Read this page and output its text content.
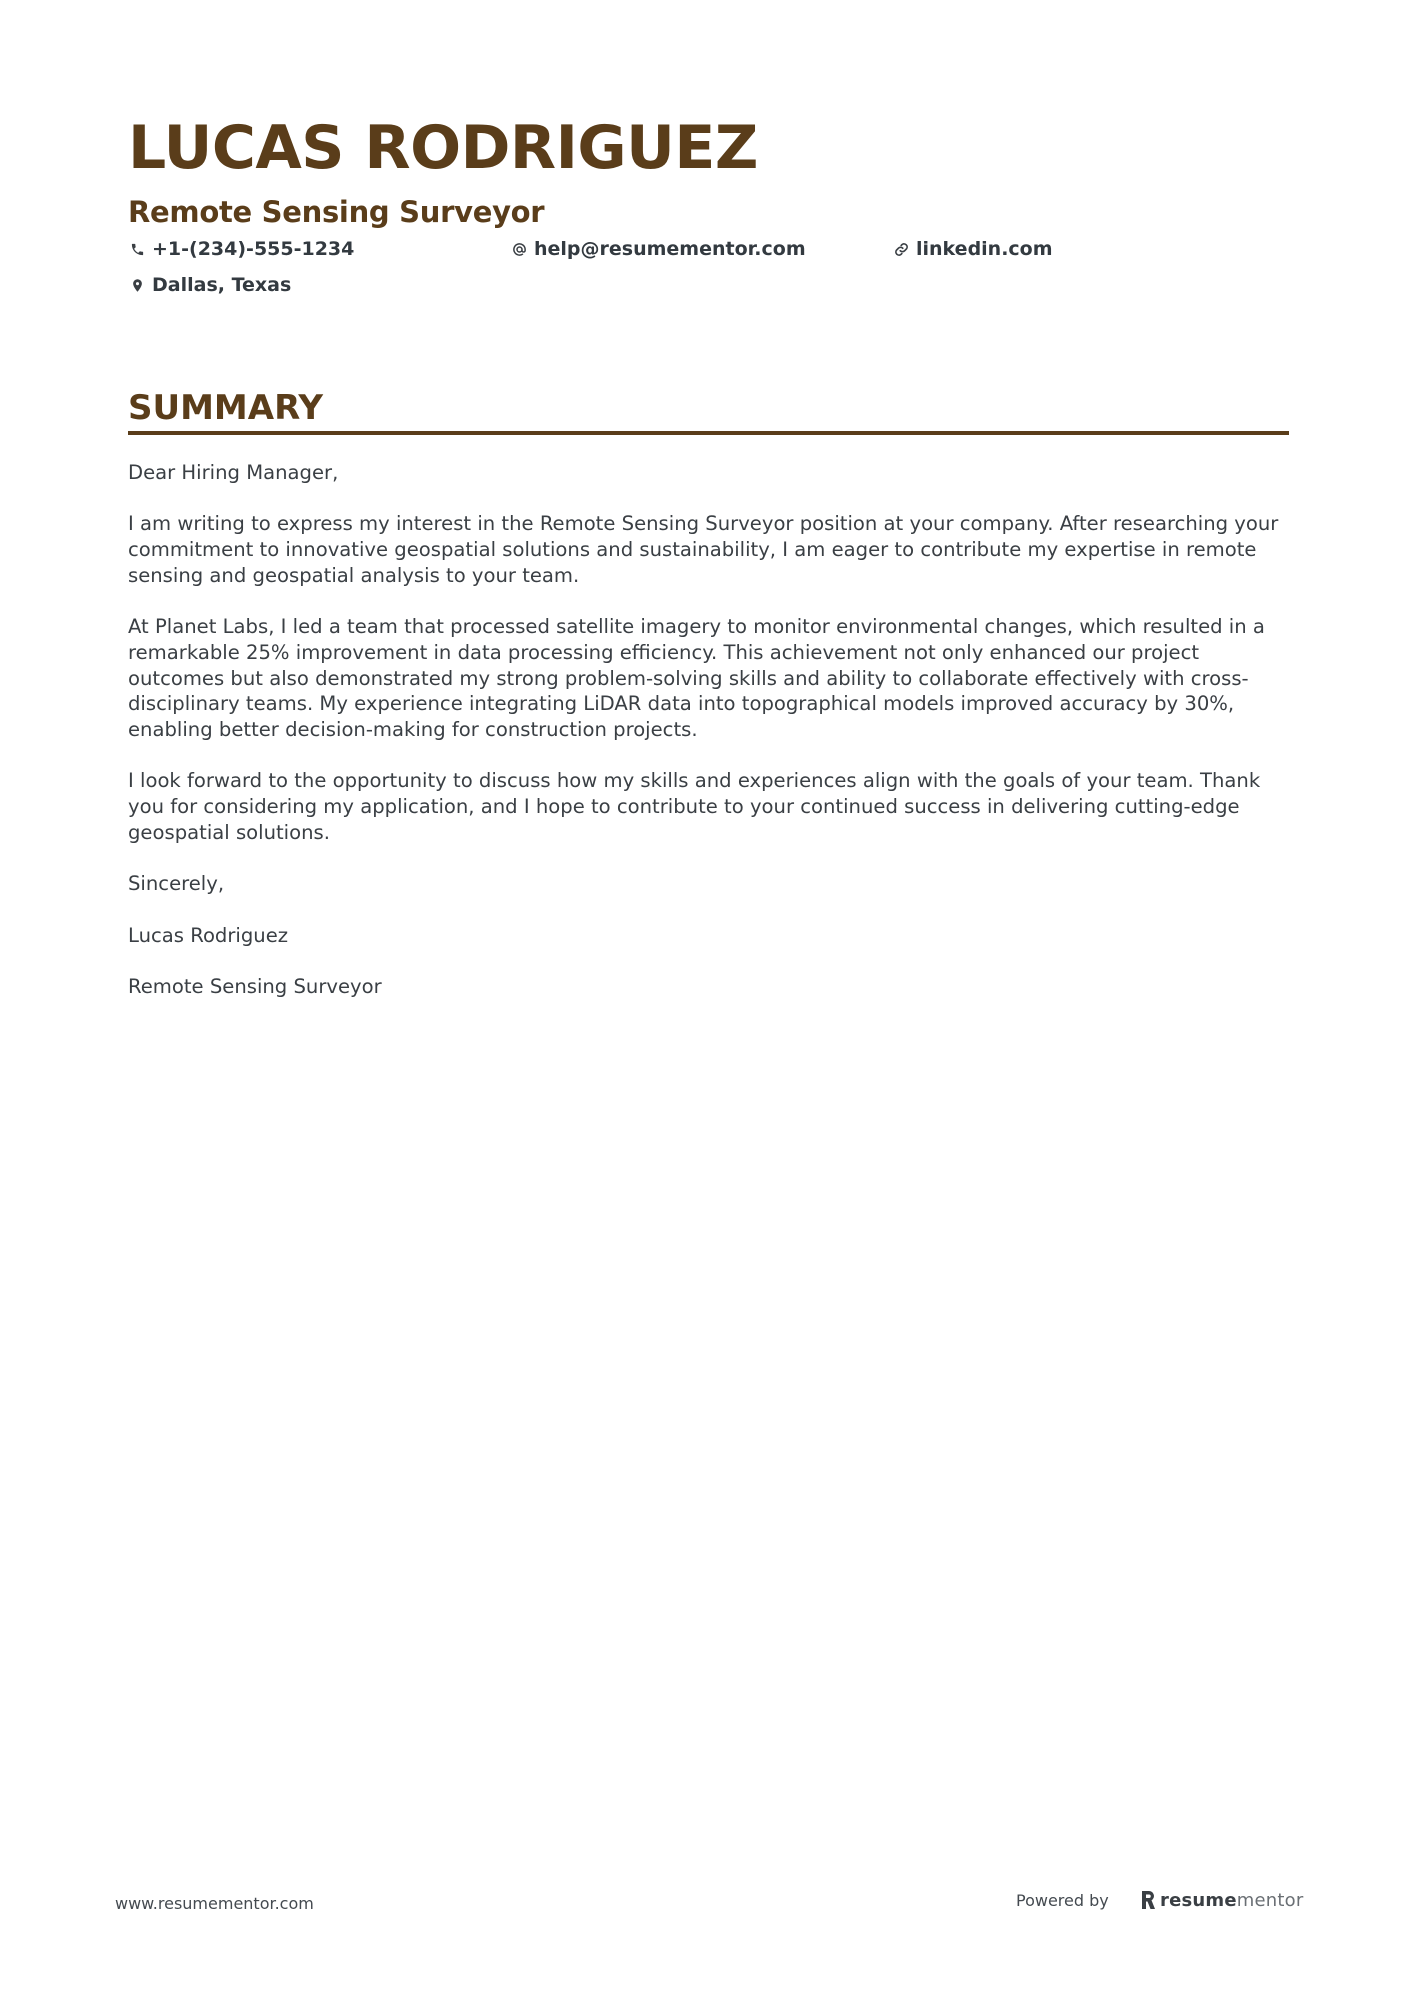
LUCAS RODRIGUEZ
Remote Sensing Surveyor
+1-(234)-555-1234	help@resumementor.com	linkedin.com
Dallas, Texas
SUMMARY

Dear Hiring Manager,

I am writing to express my interest in the Remote Sensing Surveyor position at your company. After researching your commitment to innovative geospatial solutions and sustainability, I am eager to contribute my expertise in remote sensing and geospatial analysis to your team.

At Planet Labs, I led a team that processed satellite imagery to monitor environmental changes, which resulted in a remarkable 25% improvement in data processing efficiency. This achievement not only enhanced our project outcomes but also demonstrated my strong problem-solving skills and ability to collaborate effectively with cross-disciplinary teams. My experience integrating LiDAR data into topographical models improved accuracy by 30%, enabling better decision-making for construction projects.

I look forward to the opportunity to discuss how my skills and experiences align with the goals of your team. Thank you for considering my application, and I hope to contribute to your continued success in delivering cutting-edge geospatial solutions.

Sincerely,

Lucas Rodriguez

Remote Sensing Surveyor

www.resumementor.com	Powered by	resumementor
